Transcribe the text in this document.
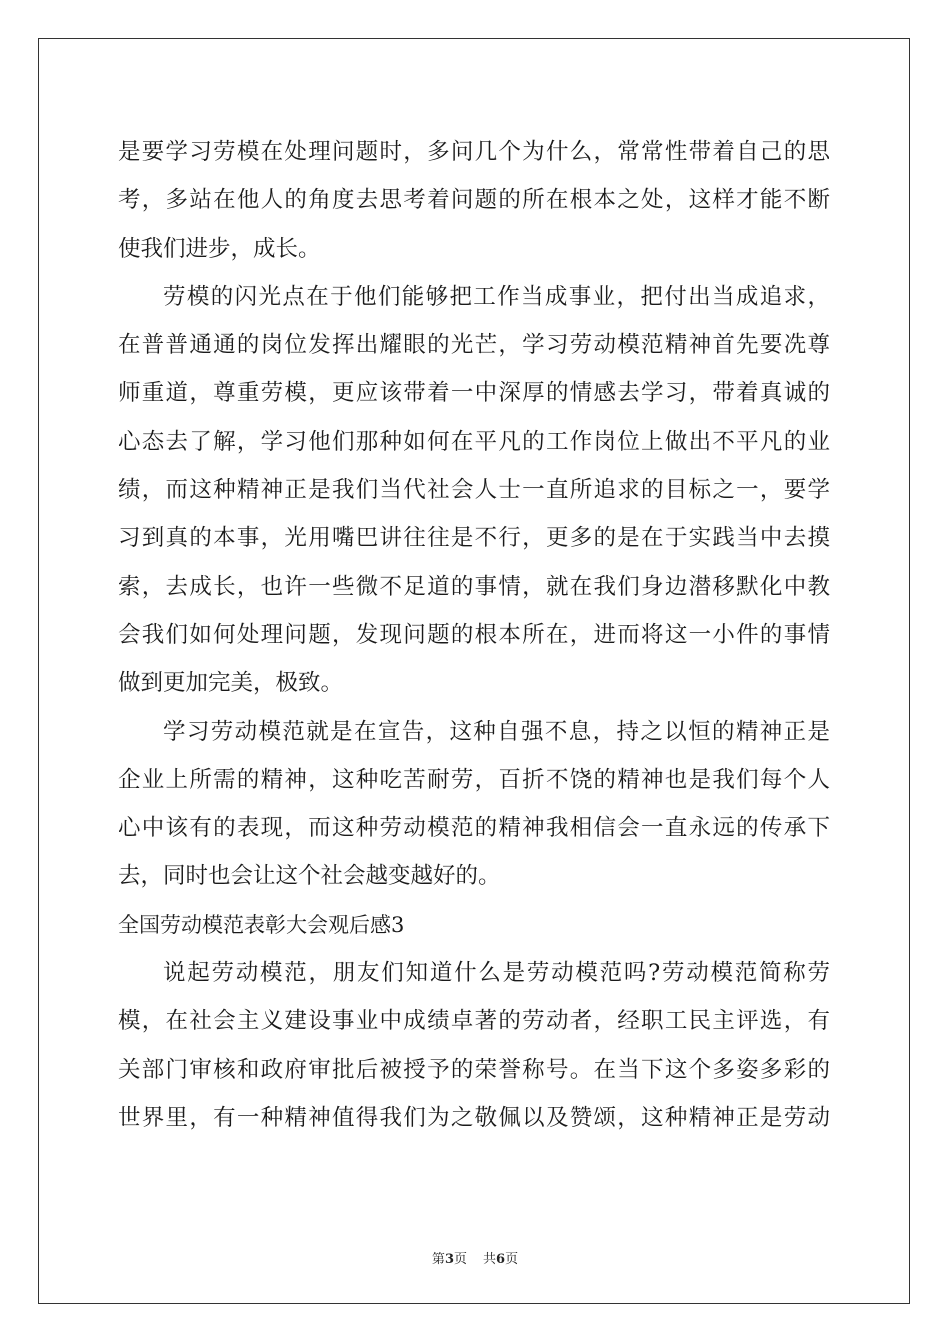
是要学习劳模在处理问题时，多问几个为什么，常常性带着自己的思
考，多站在他人的角度去思考着问题的所在根本之处，这样才能不断
使我们进步，成长。
劳模的闪光点在于他们能够把工作当成事业，把付出当成追求，
在普普通通的岗位发挥出耀眼的光芒，学习劳动模范精神首先要冼尊
师重道，尊重劳模，更应该带着一中深厚的情感去学习，带着真诚的
心态去了解，学习他们那种如何在平凡的工作岗位上做出不平凡的业
绩，而这种精神正是我们当代社会人士一直所追求的目标之一，要学
习到真的本事，光用嘴巴讲往往是不行，更多的是在于实践当中去摸
索，去成长，也许一些微不足道的事情，就在我们身边潜移默化中教
会我们如何处理问题，发现问题的根本所在，进而将这一小件的事情
做到更加完美，极致。
学习劳动模范就是在宣告，这种自强不息，持之以恒的精神正是
企业上所需的精神，这种吃苦耐劳，百折不饶的精神也是我们每个人
心中该有的表现，而这种劳动模范的精神我相信会一直永远的传承下
去，同时也会让这个社会越变越好的。
全国劳动模范表彰大会观后感3
说起劳动模范，朋友们知道什么是劳动模范吗?劳动模范简称劳
模，在社会主义建设事业中成绩卓著的劳动者，经职工民主评选，有
关部门审核和政府审批后被授予的荣誉称号。在当下这个多姿多彩的
世界里，有一种精神值得我们为之敬佩以及赞颂，这种精神正是劳动
第3页 共6页
